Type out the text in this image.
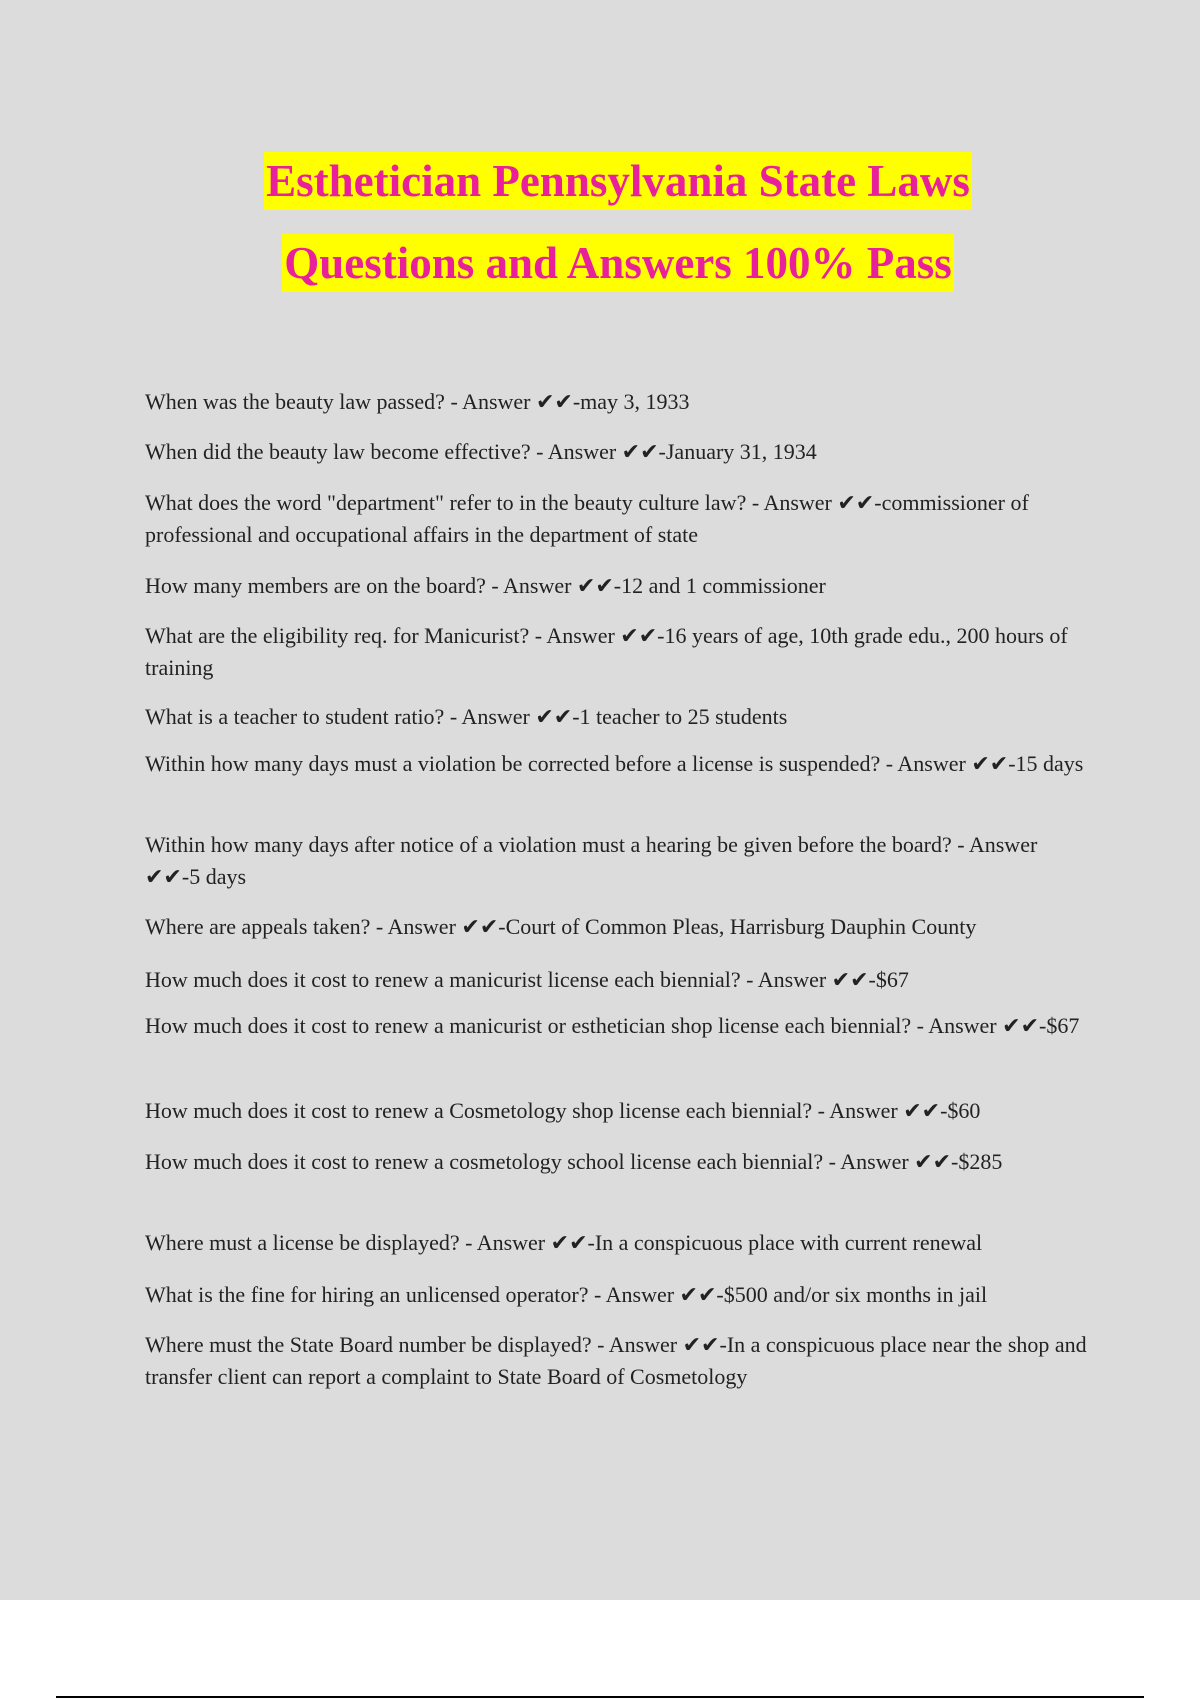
Esthetician Pennsylvania State Laws
Questions and Answers 100% Pass

When was the beauty law passed? - Answer ✔✔-may 3, 1933

When did the beauty law become effective? - Answer ✔✔-January 31, 1934

What does the word "department" refer to in the beauty culture law? - Answer ✔✔-commissioner of professional and occupational affairs in the department of state

How many members are on the board? - Answer ✔✔-12 and 1 commissioner

What are the eligibility req. for Manicurist? - Answer ✔✔-16 years of age, 10th grade edu., 200 hours of training

What is a teacher to student ratio? - Answer ✔✔-1 teacher to 25 students

Within how many days must a violation be corrected before a license is suspended? - Answer ✔✔-15 days

Within how many days after notice of a violation must a hearing be given before the board? - Answer ✔✔-5 days

Where are appeals taken? - Answer ✔✔-Court of Common Pleas, Harrisburg Dauphin County

How much does it cost to renew a manicurist license each biennial? - Answer ✔✔-$67

How much does it cost to renew a manicurist or esthetician shop license each biennial? - Answer ✔✔-$67

How much does it cost to renew a Cosmetology shop license each biennial? - Answer ✔✔-$60

How much does it cost to renew a cosmetology school license each biennial? - Answer ✔✔-$285

Where must a license be displayed? - Answer ✔✔-In a conspicuous place with current renewal

What is the fine for hiring an unlicensed operator? - Answer ✔✔-$500 and/or six months in jail

Where must the State Board number be displayed? - Answer ✔✔-In a conspicuous place near the shop and transfer client can report a complaint to State Board of Cosmetology
